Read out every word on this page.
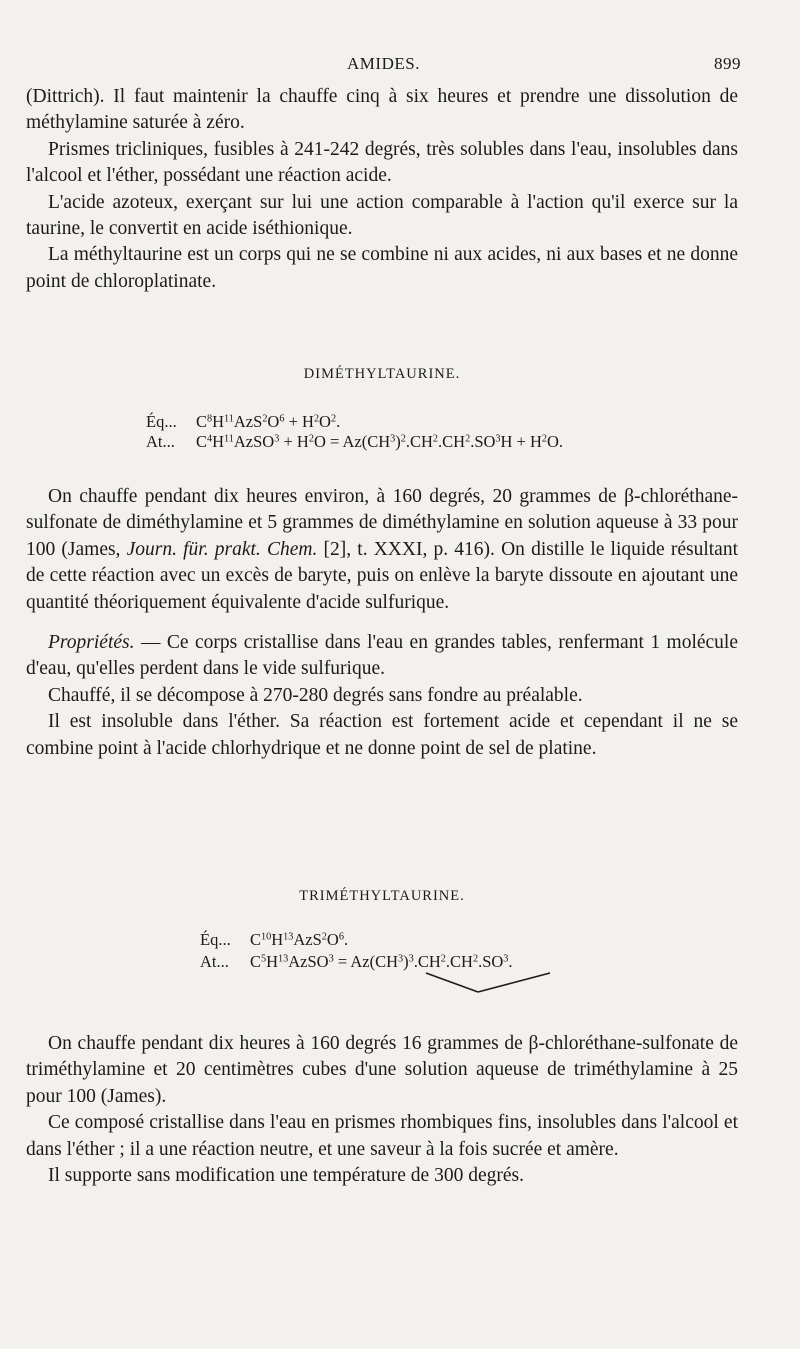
AMIDES.	899

(Dittrich). Il faut maintenir la chauffe cinq à six heures et prendre une dissolution de méthylamine saturée à zéro.

Prismes tricliniques, fusibles à 241-242 degrés, très solubles dans l'eau, insolubles dans l'alcool et l'éther, possédant une réaction acide.

L'acide azoteux, exerçant sur lui une action comparable à l'action qu'il exerce sur la taurine, le convertit en acide iséthionique.

La méthyltaurine est un corps qui ne se combine ni aux acides, ni aux bases et ne donne point de chloroplatinate.

DIMÉTHYLTAURINE.
Éq... $C^8H^{11}AzS^2O^6 + H^2O^2$.
At... $C^4H^{11}AzSO^3 + H^2O = Az(CH^3)^2.CH^2.CH^2.SO^3H + H^2O$.

On chauffe pendant dix heures environ, à 160 degrés, 20 grammes de β-chloréthane-sulfonate de diméthylamine et 5 grammes de diméthylamine en solution aqueuse à 33 pour 100 (James, Journ. für. prakt. Chem. [2], t. XXXI, p. 416). On distille le liquide résultant de cette réaction avec un excès de baryte, puis on enlève la baryte dissoute en ajoutant une quantité théoriquement équivalente d'acide sulfurique.

Propriétés. — Ce corps cristallise dans l'eau en grandes tables, renfermant 1 molécule d'eau, qu'elles perdent dans le vide sulfurique.

Chauffé, il se décompose à 270-280 degrés sans fondre au préalable.

Il est insoluble dans l'éther. Sa réaction est fortement acide et cependant il ne se combine point à l'acide chlorhydrique et ne donne point de sel de platine.

TRIMÉTHYLTAURINE.
Éq... $C^{10}H^{13}AzS^2O^6$.
At... $C^5H^{13}AzSO^3 = Az(CH^3)^3.CH^2.CH^2.SO^3$.

On chauffe pendant dix heures à 160 degrés 16 grammes de β-chloréthane-sulfonate de triméthylamine et 20 centimètres cubes d'une solution aqueuse de triméthylamine à 25 pour 100 (James).

Ce composé cristallise dans l'eau en prismes rhombiques fins, insolubles dans l'alcool et dans l'éther ; il a une réaction neutre, et une saveur à la fois sucrée et amère.

Il supporte sans modification une température de 300 degrés.
